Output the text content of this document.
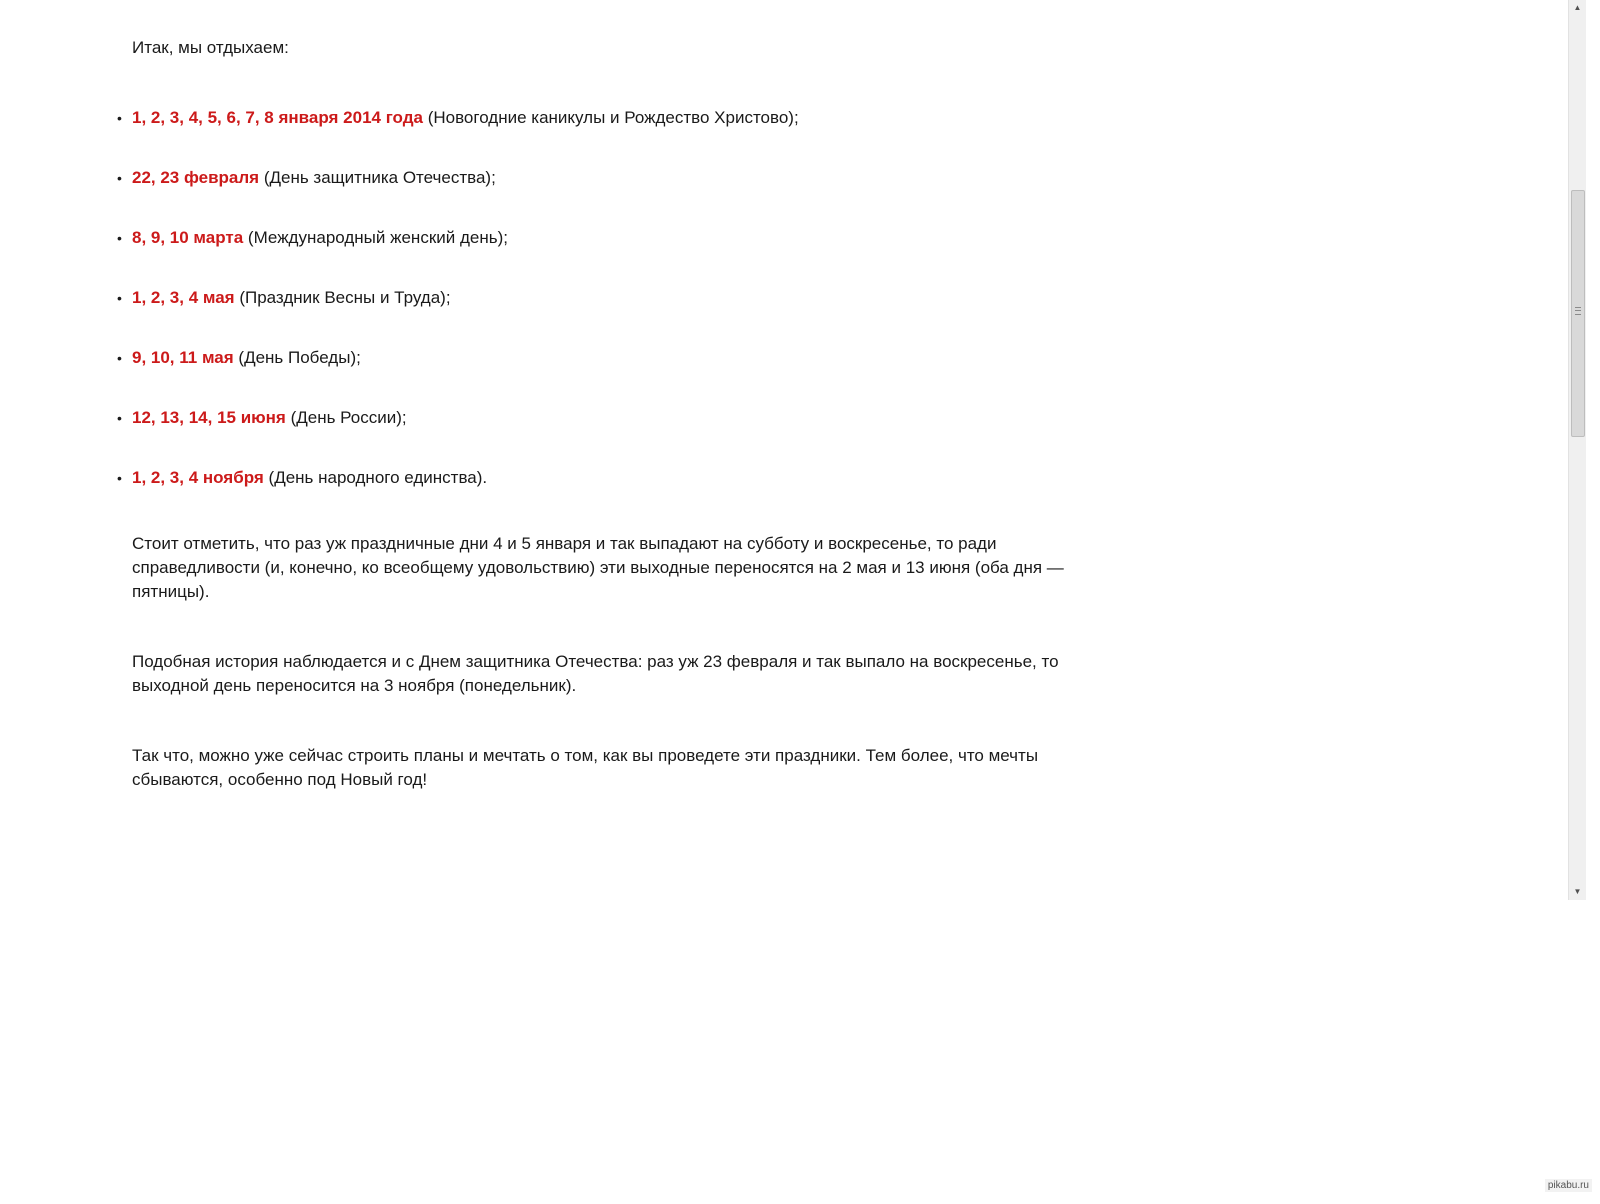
Итак, мы отдыхаем:

• 1, 2, 3, 4, 5, 6, 7, 8 января 2014 года (Новогодние каникулы и Рождество Христово);
• 22, 23 февраля (День защитника Отечества);
• 8, 9, 10 марта (Международный женский день);
• 1, 2, 3, 4 мая (Праздник Весны и Труда);
• 9, 10, 11 мая (День Победы);
• 12, 13, 14, 15 июня (День России);
• 1, 2, 3, 4 ноября (День народного единства).

Стоит отметить, что раз уж праздничные дни 4 и 5 января и так выпадают на субботу и воскресенье, то ради справедливости (и, конечно, ко всеобщему удовольствию) эти выходные переносятся на 2 мая и 13 июня (оба дня — пятницы).

Подобная история наблюдается и с Днем защитника Отечества: раз уж 23 февраля и так выпало на воскресенье, то выходной день переносится на 3 ноября (понедельник).

Так что, можно уже сейчас строить планы и мечтать о том, как вы проведете эти праздники. Тем более, что мечты сбываются, особенно под Новый год!

▲
▼
pikabu.ru
